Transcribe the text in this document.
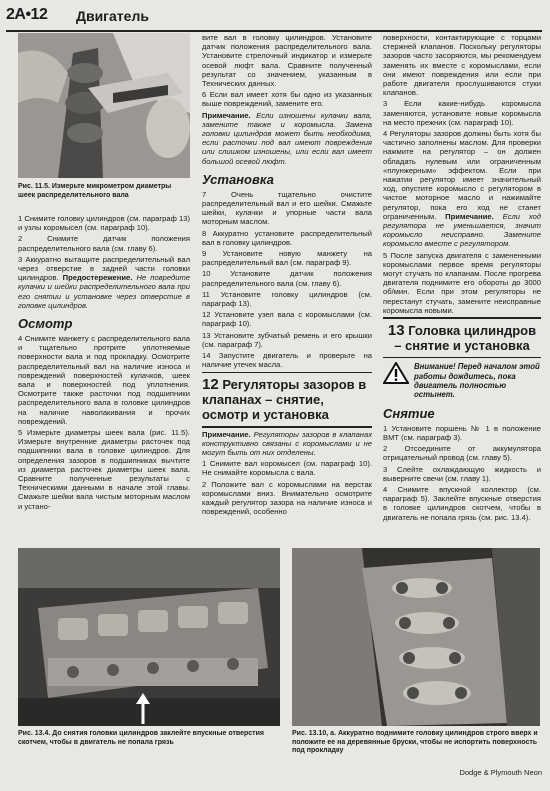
2A•12 Двигатель
Рис. 11.5. Измерьте микрометром диаметры шеек распределительного вала

1 Снимите головку цилиндров (см. параграф 13) и узлы коромысел (см. параграф 10).

2 Снимите датчик положения распределительного вала (см. главу 6).

3 Аккуратно вытащите распределительный вал через отверстие в задней части головки цилиндров. Предостережение. Не повредите кулачки и шейки распределительного вала при его снятии и установке через отверстие в головке цилиндров.

Осмотр

4 Снимите манжету с распределительного вала и тщательно протрите уплотняемые поверхности вала и под прокладку. Осмотрите распределительный вал на наличие износа и повреждений поверхностей кулачков, шеек вала и поверхностей под уплотнения. Осмотрите также расточки под подшипники распределительного вала в головке цилиндров на наличие наволакивания и прочих повреждений.

5 Измерьте диаметры шеек вала (рис. 11.5). Измерьте внутренние диаметры расточек под подшипники вала в головке цилиндров. Для определения зазоров в подшипниках вычтите из диаметра расточек диаметры шеек вала. Сравните полученные результаты с Техническими данными в начале этой главы. Смажьте шейки вала чистым моторным маслом и устано-

вите вал в головку цилиндров. Установите датчик положения распределительного вала. Установите стрелочный индикатор и измерьте осевой люфт вала. Сравните полученный результат со значением, указанным в Технических данных.

6 Если вал имеет хотя бы одно из указанных выше повреждений, замените его.

Примечание. Если изношены кулачки вала, замените также и коромысла. Заменa головки цилиндров может быть необходима, если расточки под вал имеют повреждения или слишком изношены, или если вал имеет большой осевой люфт.

Установка

7 Очень тщательно очистите распределительный вал и его шейки. Смажьте шейки, кулачки и упорные части вала моторным маслом.

8 Аккуратно установите распределительный вал в головку цилиндров.

9 Установите новую манжету на распределительный вал (см. параграф 9).

10 Установите датчик положения распределительного вала (см. главу 6).

11 Установите головку цилиндров (см. параграф 13).

12 Установите узел вала с коромыслами (см. параграф 10).

13 Установите зубчатый ремень и его крышки (см. параграф 7).

14 Запустите двигатель и проверьте на наличие утечек масла.

12 Регуляторы зазоров в клапанах – снятие, осмотр и установка

Примечание. Регуляторы зазоров в клапанах конструктивно связаны с коромыслами и не могут быть от них отделены.

1 Снимите вал коромысел (см. параграф 10). Не снимайте коромысла с вала.

2 Положите вал с коромыслами на верстак коромыслами вниз. Внимательно осмотрите каждый регулятор зазора на наличие износа и повреждений, особенно

поверхности, контактирующие с торцами стержней клапанов. Поскольку регуляторы зазоров часто засоряются, мы рекомендуем заменять их вместе с коромыслами, если они имеют повреждения или если при работе двигателя прослушиваются стуки клапанов.

3 Если какие-нибудь коромысла заменяются, установите новые коромысла на место прежних (см. параграф 10).

4 Регуляторы зазоров должны быть хотя бы частично заполнены маслом. Для проверки нажмите на регулятор – он должен обладать нулевым или ограниченным «плунжерным» эффектом. Если при нажатии регулятор имеет значительный ход, опустите коромысло с регулятором в чистое моторное масло и нажимайте регулятор, пока его ход не станет ограниченным. Примечание. Если ход регулятора не уменьшается, значит коромысло неисправно. Замените коромысло вместе с регулятором.

5 После запуска двигателя с замененными коромыслами первое время регуляторы могут стучать по клапанам. После прогрева двигателя поднимите его обороты до 3000 об/мин. Если при этом регуляторы не перестанут стучать, замените неисправные коромысла новыми.

13 Головка цилиндров – снятие и установка
Внимание! Перед началом этой работы дождитесь, пока двигатель полностью остынет.
Снятие

1 Установите поршень № 1 в положение ВМТ (см. параграф 3).

2 Отсоедините от аккумулятора отрицательный провод (см. главу 5).

3 Слейте охлаждающую жидкость и выверните свечи (см. главу 1).

4 Снимите впускной коллектор (см. параграф 5). Заклейте впускные отверстия в головке цилиндров скотчем, чтобы в двигатель не попала грязь (см. рис. 13.4).

Рис. 13.4. До снятия головки цилиндров заклейте впускные отверстия скотчем, чтобы в двигатель не попала грязь
Рис. 13.10, а. Аккуратно поднимите головку цилиндров строго вверх и положите ее на деревянные бруски, чтобы не испортить поверхность под прокладку
Dodge & Plymouth Neon
